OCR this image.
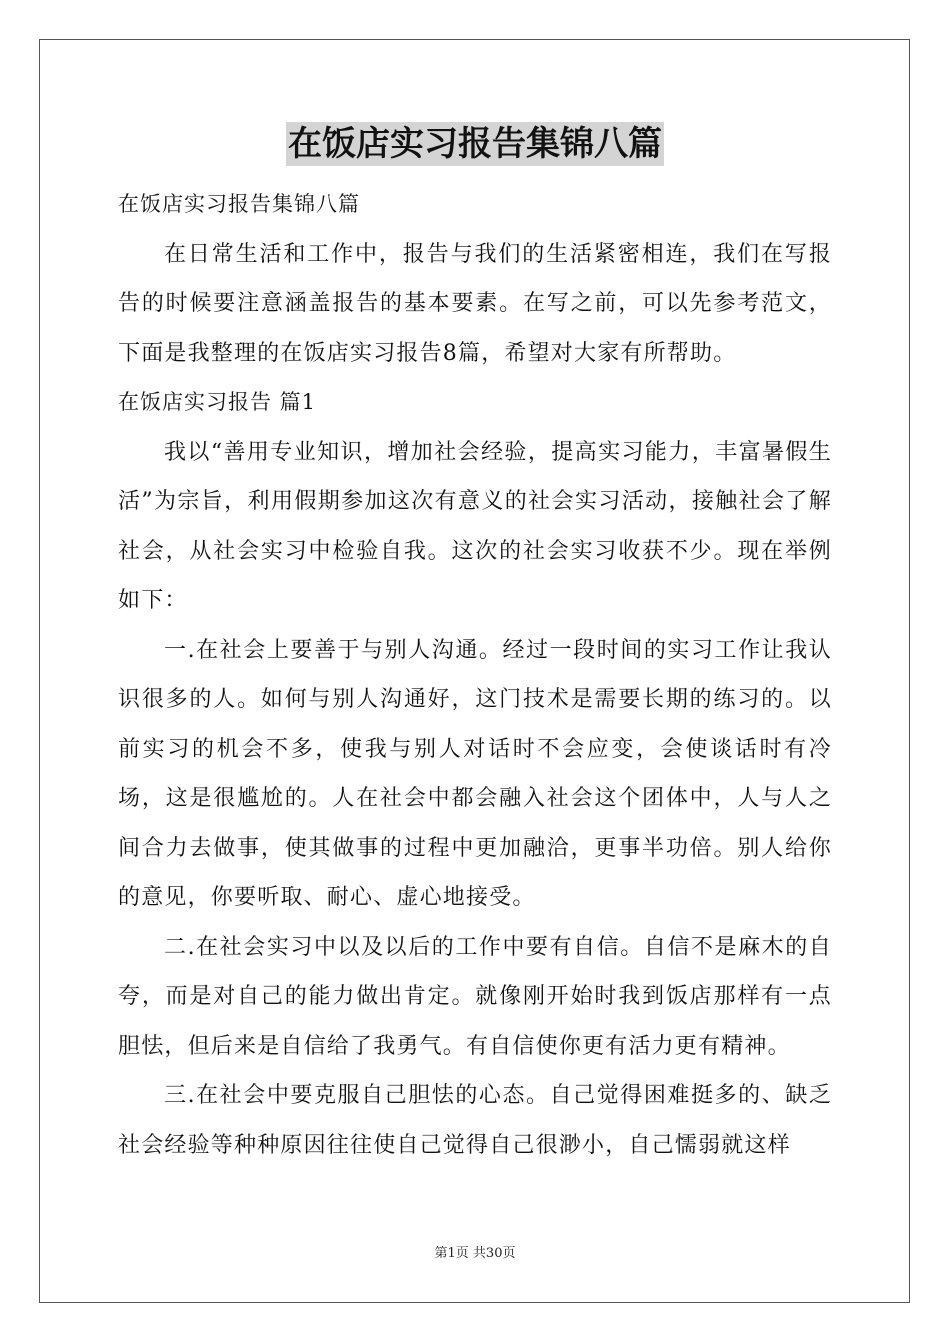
在饭店实习报告集锦八篇

在饭店实习报告集锦八篇

在日常生活和工作中，报告与我们的生活紧密相连，我们在写报告的时候要注意涵盖报告的基本要素。在写之前，可以先参考范文，下面是我整理的在饭店实习报告8篇，希望对大家有所帮助。

在饭店实习报告 篇1

我以“善用专业知识，增加社会经验，提高实习能力，丰富暑假生活”为宗旨，利用假期参加这次有意义的社会实习活动，接触社会了解社会，从社会实习中检验自我。这次的社会实习收获不少。现在举例如下：

一.在社会上要善于与别人沟通。经过一段时间的实习工作让我认识很多的人。如何与别人沟通好，这门技术是需要长期的练习的。以前实习的机会不多，使我与别人对话时不会应变，会使谈话时有冷场，这是很尴尬的。人在社会中都会融入社会这个团体中，人与人之间合力去做事，使其做事的过程中更加融洽，更事半功倍。别人给你的意见，你要听取、耐心、虚心地接受。

二.在社会实习中以及以后的工作中要有自信。自信不是麻木的自夸，而是对自己的能力做出肯定。就像刚开始时我到饭店那样有一点胆怯，但后来是自信给了我勇气。有自信使你更有活力更有精神。

三.在社会中要克服自己胆怯的心态。自己觉得困难挺多的、缺乏社会经验等种种原因往往使自己觉得自己很渺小，自己懦弱就这样

第1页 共30页
